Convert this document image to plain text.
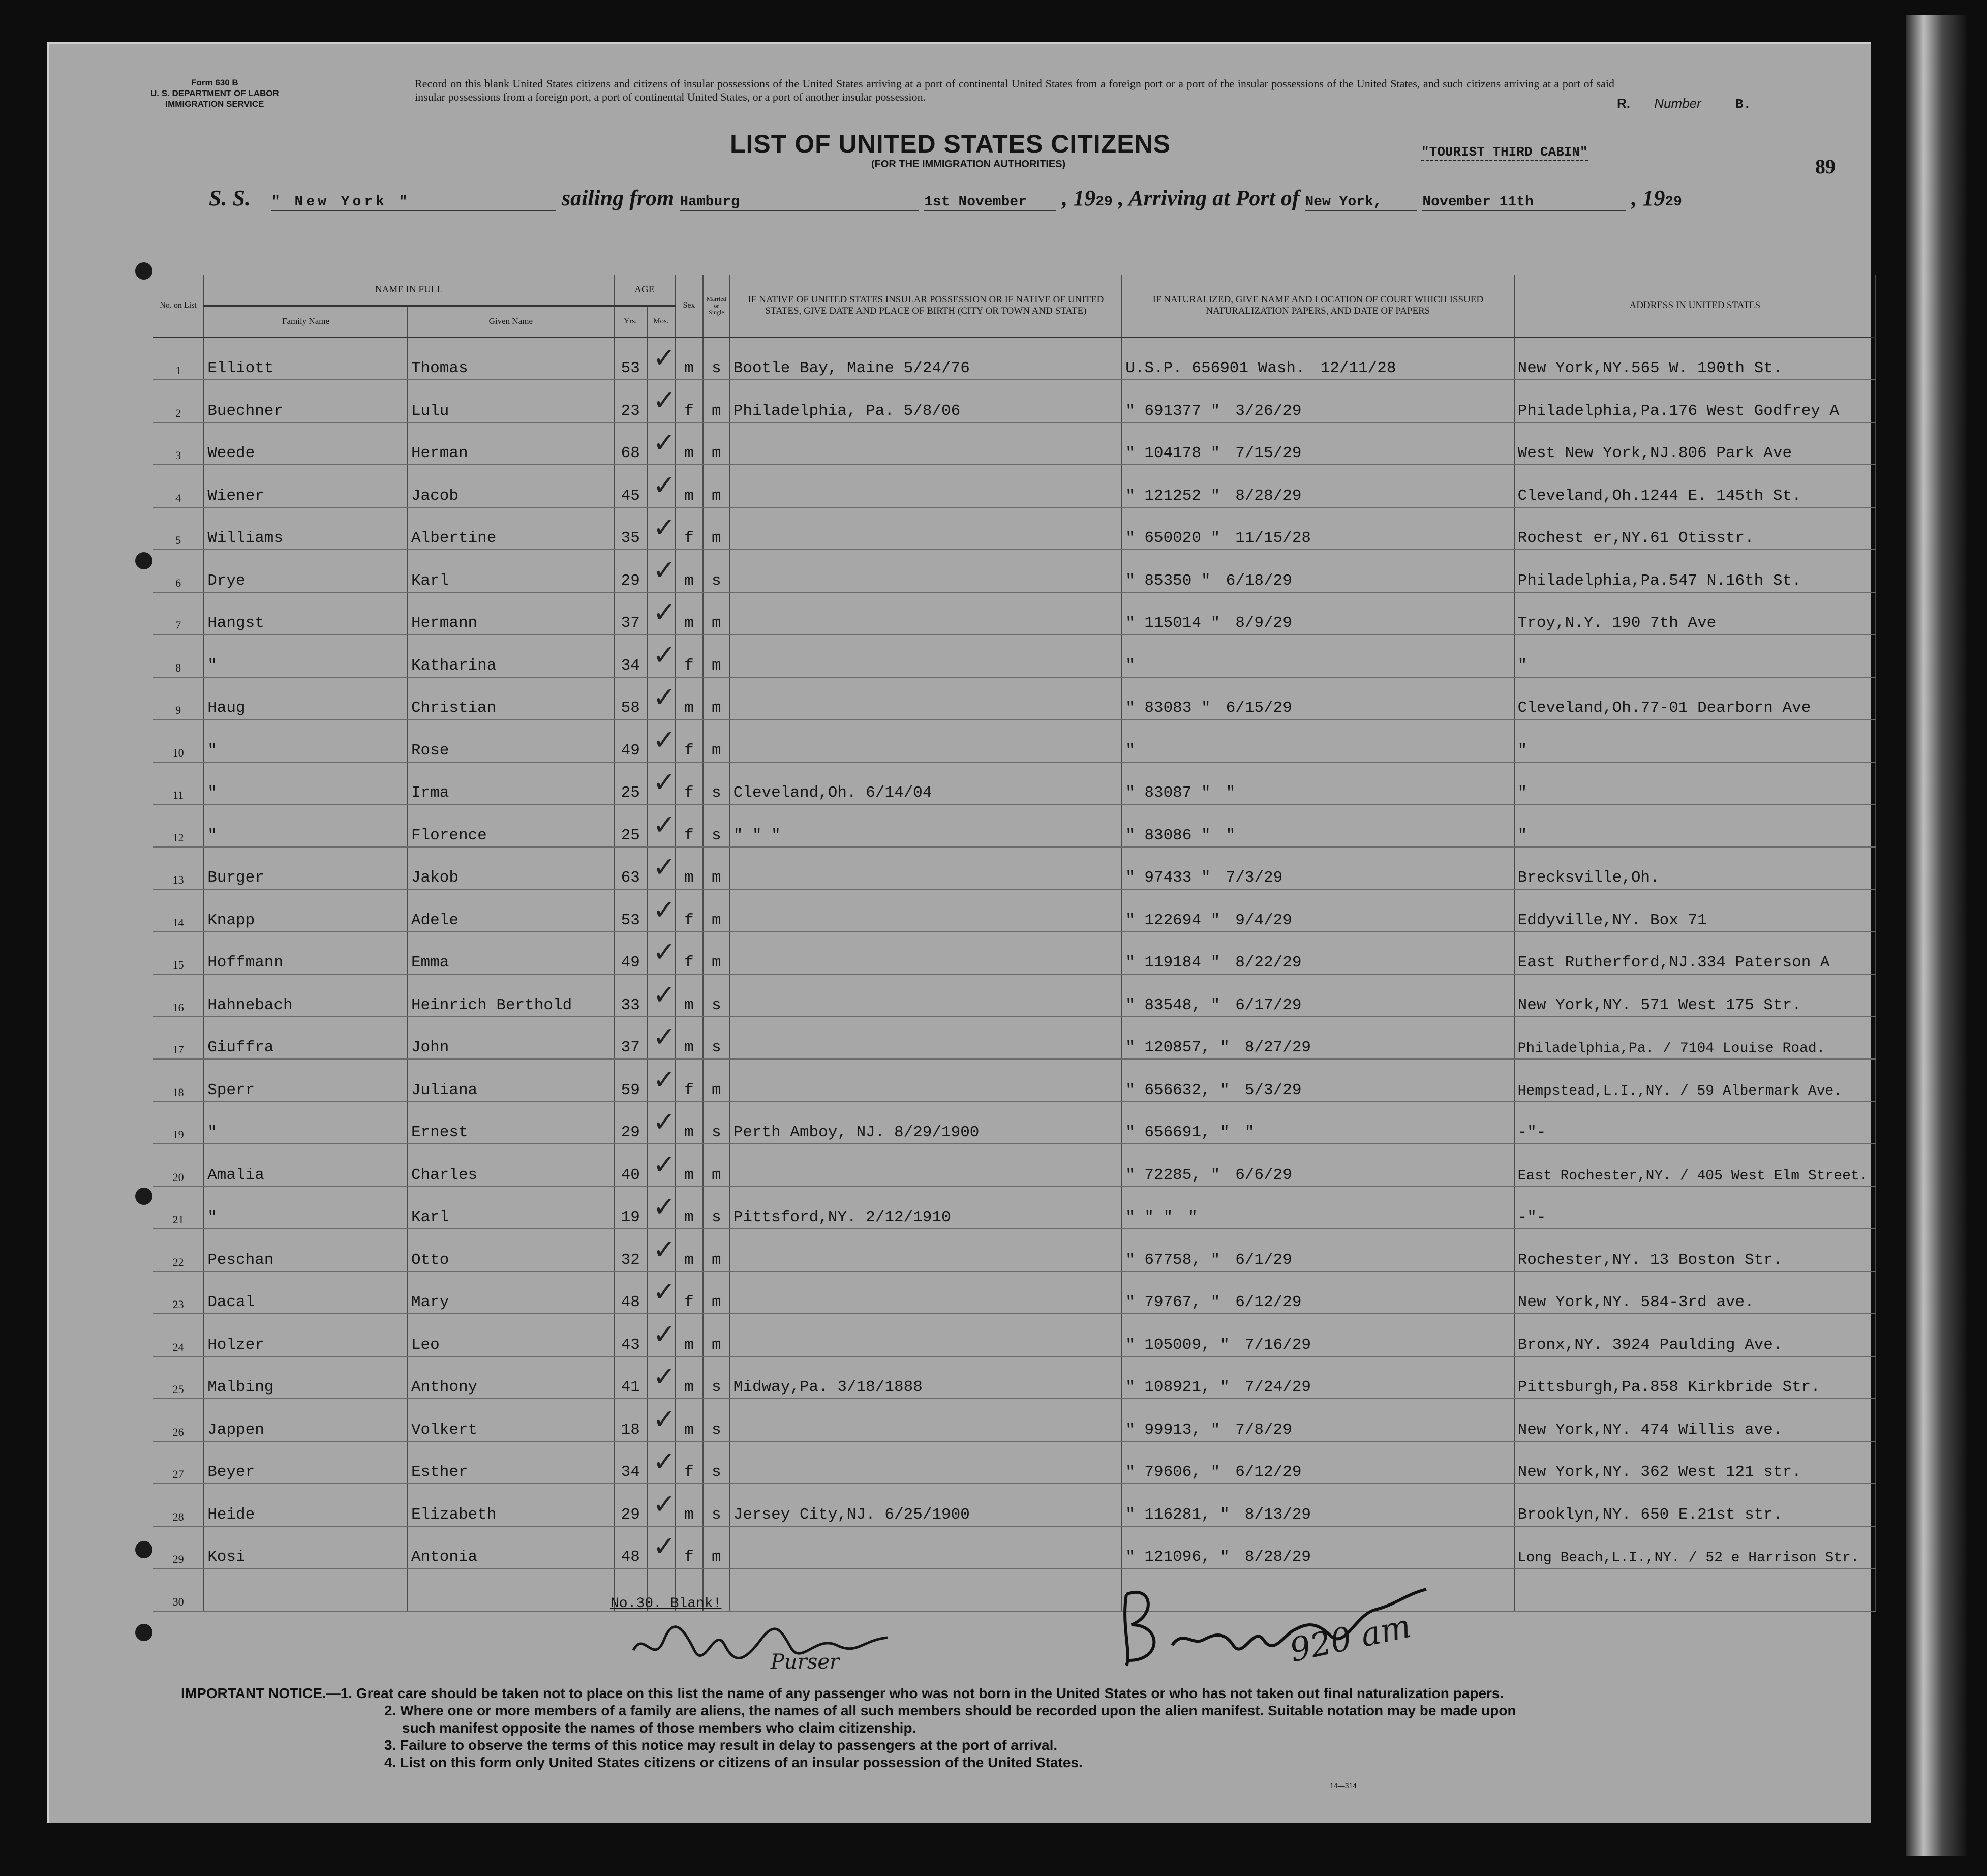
Form 630 B
U. S. DEPARTMENT OF LABOR
IMMIGRATION SERVICE
Record on this blank United States citizens and citizens of insular possessions of the United States arriving at a port of continental United States from a foreign port or a port of the insular possessions of the United States, and such citizens arriving at a port of said insular possessions from a foreign port, a port of continental United States, or a port of another insular possession.
LIST OF UNITED STATES CITIZENS
(FOR THE IMMIGRATION AUTHORITIES)
R. Number	B.
"TOURIST THIRD CABIN"
89
S. S. " New York "	sailing from Hamburg	1st November , 1929 , Arriving at Port of New York,	November 11th	, 1929
No. on List	NAME IN FULL		AGE		Sex	Married or Single	IF NATIVE OF UNITED STATES INSULAR POSSESSION OR IF NATIVE OF UNITED STATES, GIVE DATE AND PLACE OF BIRTH (CITY OR TOWN AND STATE)	IF NATURALIZED, GIVE NAME AND LOCATION OF COURT WHICH ISSUED NATURALIZATION PAPERS, AND DATE OF PAPERS	ADDRESS IN UNITED STATES
	Family Name	Given Name	Yrs.	Mos.					
1	Elliott	Thomas	53		✓ m	s	Bootle Bay, Maine 5/24/76	U.S.P. 656901 Wash. 12/11/28	New York,NY.565 W. 190th St.
2	Buechner	Lulu	23		✓ f	m	Philadelphia, Pa. 5/8/06	" 691377 " 3/26/29	Philadelphia,Pa.176 West Godfrey A
3	Weede	Herman	68		✓ m	m		" 104178 " 7/15/29	West New York,NJ.806 Park Ave
4	Wiener	Jacob	45		✓ m	m		" 121252 " 8/28/29	Cleveland,Oh.1244 E. 145th St.
5	Williams	Albertine	35		✓ f	m		" 650020 " 11/15/28	Rochest er,NY.61 Otisstr.
6	Drye	Karl	29		✓ m	s		" 85350 " 6/18/29	Philadelphia,Pa.547 N.16th St.
7	Hangst	Hermann	37		✓ m	m		" 115014 " 8/9/29	Troy,N.Y. 190 7th Ave
8	"	Katharina	34		✓ f	m		"	"
9	Haug	Christian	58		✓ m	m		" 83083 " 6/15/29	Cleveland,Oh.77-01 Dearborn Ave
10	"	Rose	49		✓ f	m		"	"
11	"	Irma	25		✓ f	s	Cleveland,Oh. 6/14/04	" 83087 " "	"
12	"	Florence	25		✓ f	s	" " "	" 83086 " "	"
13	Burger	Jakob	63		✓ m	m		" 97433 " 7/3/29	Brecksville,Oh.
14	Knapp	Adele	53		✓ f	m		" 122694 " 9/4/29	Eddyville,NY. Box 71
15	Hoffmann	Emma	49		✓ f	m		" 119184 " 8/22/29	East Rutherford,NJ.334 Paterson A
16	Hahnebach	Heinrich Berthold	33		✓ m	s		" 83548, " 6/17/29	New York,NY. 571 West 175 Str.
17	Giuffra	John	37		✓ m	s		" 120857, " 8/27/29	Philadelphia,Pa. / 7104 Louise Road.
18	Sperr	Juliana	59		✓ f	m		" 656632, " 5/3/29	Hempstead,L.I.,NY. / 59 Albermark Ave.
19	"	Ernest	29		✓ m	s	Perth Amboy, NJ. 8/29/1900	" 656691, " "	-"-
20	Amalia	Charles	40		✓ m	m		" 72285, " 6/6/29	East Rochester,NY. / 405 West Elm Street.
21	"	Karl	19		✓ m	s	Pittsford,NY. 2/12/1910	" " " "	-"-
22	Peschan	Otto	32		✓ m	m		" 67758, " 6/1/29	Rochester,NY. 13 Boston Str.
23	Dacal	Mary	48		✓ f	m		" 79767, " 6/12/29	New York,NY. 584-3rd ave.
24	Holzer	Leo	43		✓ m	m		" 105009, " 7/16/29	Bronx,NY. 3924 Paulding Ave.
25	Malbing	Anthony	41		✓ m	s	Midway,Pa. 3/18/1888	" 108921, " 7/24/29	Pittsburgh,Pa.858 Kirkbride Str.
26	Jappen	Volkert	18		✓ m	s		" 99913, " 7/8/29	New York,NY. 474 Willis ave.
27	Beyer	Esther	34		✓ f	s		" 79606, " 6/12/29	New York,NY. 362 West 121 str.
28	Heide	Elizabeth	29		✓ m	s	Jersey City,NJ. 6/25/1900	" 116281, " 8/13/29	Brooklyn,NY. 650 E.21st str.
29	Kosi	Antonia	48		✓ f	m		" 121096, " 8/28/29	Long Beach,L.I.,NY. / 52 e Harrison Str.
30										No.30. Blank!
Purser	920 am
IMPORTANT NOTICE.—1. Great care should be taken not to place on this list the name of any passenger who was not born in the United States or who has not taken out final naturalization papers.
2. Where one or more members of a family are aliens, the names of all such members should be recorded upon the alien manifest. Suitable notation may be made upon
such manifest opposite the names of those members who claim citizenship.
3. Failure to observe the terms of this notice may result in delay to passengers at the port of arrival.
4. List on this form only United States citizens or citizens of an insular possession of the United States.
14—314
